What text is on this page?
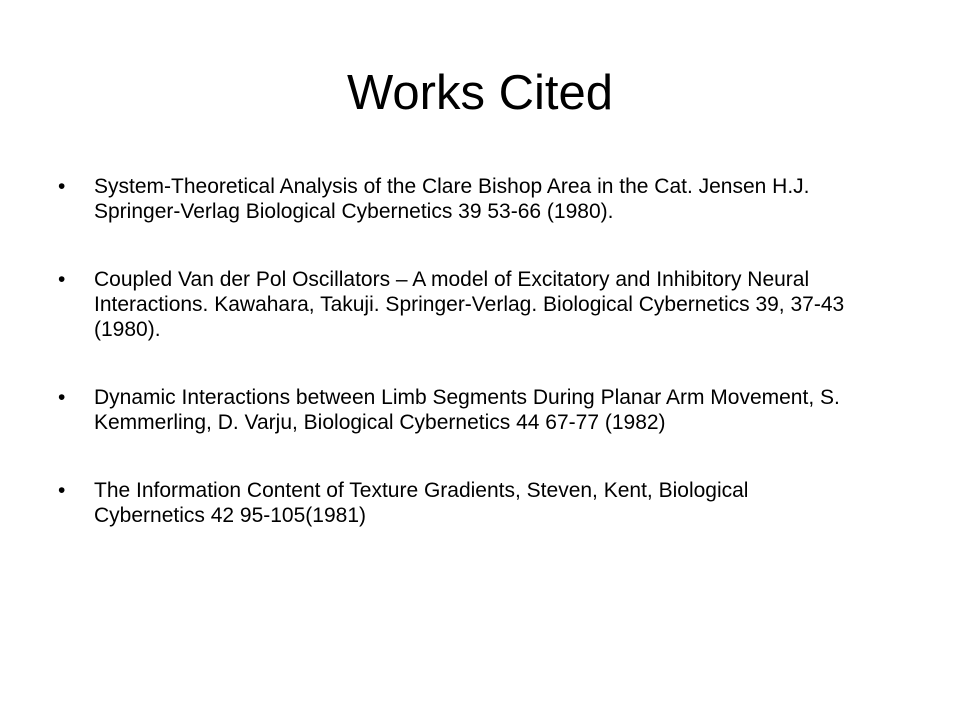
Works Cited
•	System-Theoretical Analysis of the Clare Bishop Area in the Cat. Jensen H.J. Springer-Verlag Biological Cybernetics 39 53-66 (1980).
•	Coupled Van der Pol Oscillators – A model of Excitatory and Inhibitory Neural Interactions. Kawahara, Takuji. Springer-Verlag. Biological Cybernetics 39, 37-43 (1980).
•	Dynamic Interactions between Limb Segments During Planar Arm Movement, S. Kemmerling, D. Varju, Biological Cybernetics 44 67-77 (1982)
•	The Information Content of Texture Gradients, Steven, Kent, Biological Cybernetics 42 95-105(1981)
